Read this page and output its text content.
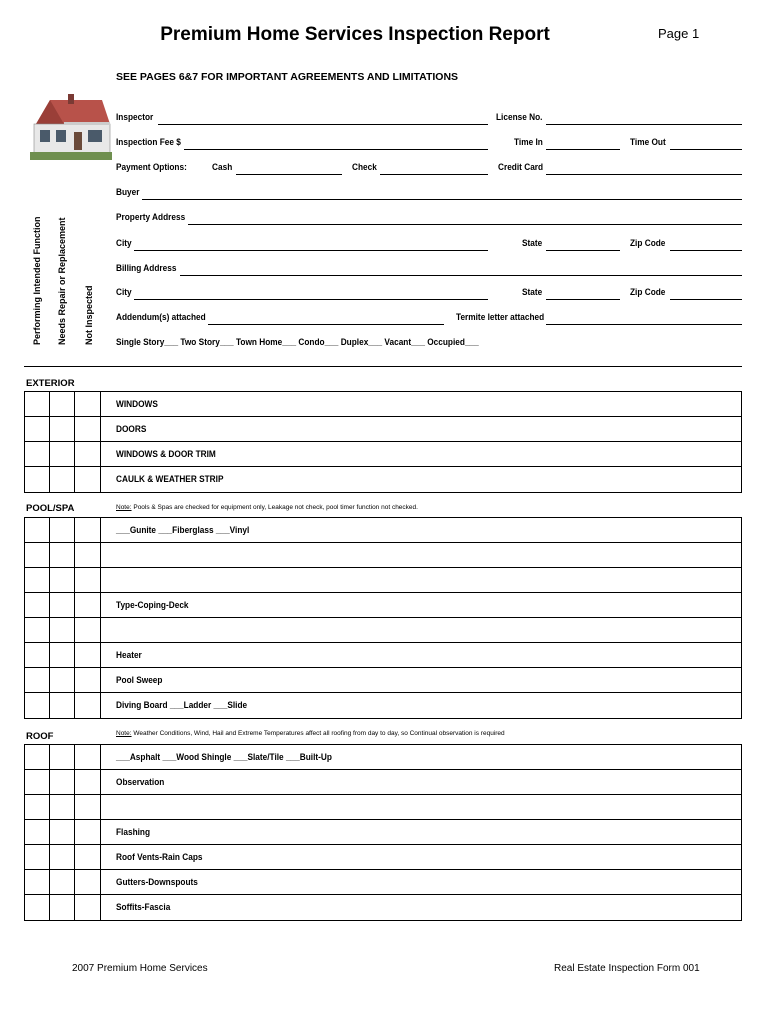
Premium Home Services Inspection Report	Page 1
SEE PAGES 6&7 FOR IMPORTANT AGREEMENTS AND LIMITATIONS
Inspector	License No.
Inspection Fee $	Time In	Time Out
Payment Options:	Cash	Check	Credit Card
Buyer
Property Address
City	State	Zip Code
Billing Address
City	State	Zip Code
Addendum(s) attached	Termite letter attached
Single Story___ Two Story___ Town Home___ Condo___ Duplex___ Vacant___ Occupied___
Performing Intended Function Needs Repair or Replacement Not Inspected
EXTERIOR
WINDOWS
DOORS
WINDOWS & DOOR TRIM
CAULK & WEATHER STRIP
POOL/SPA	Note: Pools & Spas are checked for equipment only, Leakage not check, pool timer function not checked.
___Gunite ___Fiberglass ___Vinyl
Type-Coping-Deck
Heater
Pool Sweep
Diving Board ___Ladder ___Slide
ROOF	Note: Weather Conditions, Wind, Hail and Extreme Temperatures affect all roofing from day to day, so Continual observation is required
___Asphalt ___Wood Shingle ___Slate/Tile ___Built-Up
Observation
Flashing
Roof Vents-Rain Caps
Gutters-Downspouts
Soffits-Fascia
2007 Premium Home Services	Real Estate Inspection Form 001
